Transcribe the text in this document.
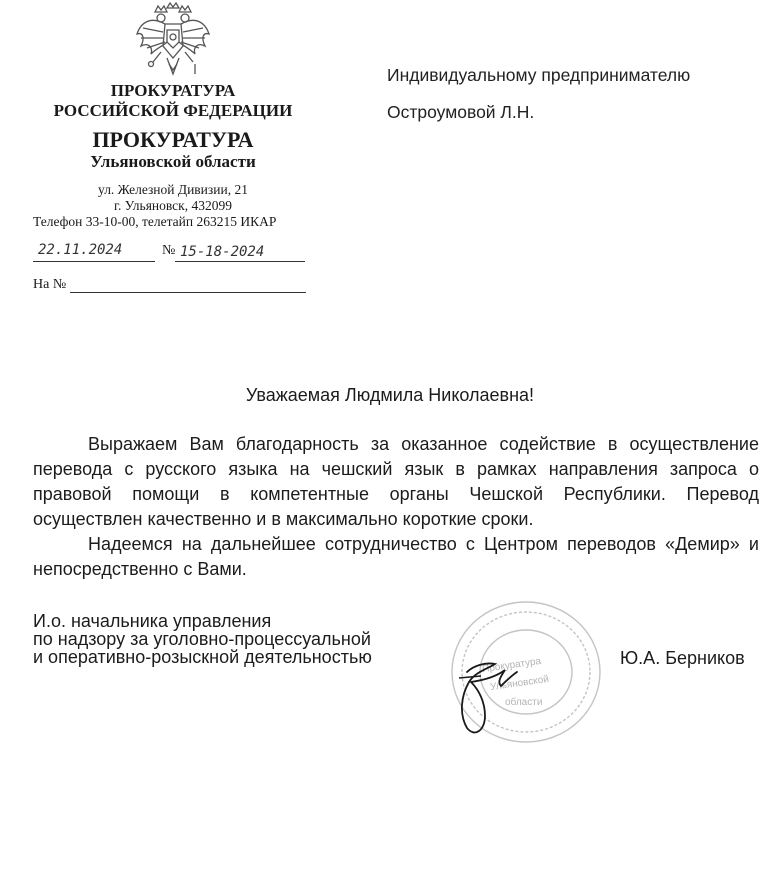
ПРОКУРАТУРА
РОССИЙСКОЙ ФЕДЕРАЦИИ
ПРОКУРАТУРА
Ульяновской области
ул. Железной Дивизии, 21
г. Ульяновск, 432099
Телефон 33-10-00, телетайп 263215 ИКАР
22.11.2024	№ 15-18-2024
На №
Индивидуальному предпринимателю
Остроумовой Л.Н.
Уважаемая Людмила Николаевна!
Выражаем Вам благодарность за оказанное содействие в осуществление перевода с русского языка на чешский язык в рамках направления запроса о правовой помощи в компетентные органы Чешской Республики. Перевод осуществлен качественно и в максимально короткие сроки.
Надеемся на дальнейшее сотрудничество с Центром переводов «Демир» и непосредственно с Вами.
И.о. начальника управления
по надзору за уголовно-процессуальной
и оперативно-розыскной деятельностью	Ю.А. Берников
Прокуратура
Ульяновской
области
